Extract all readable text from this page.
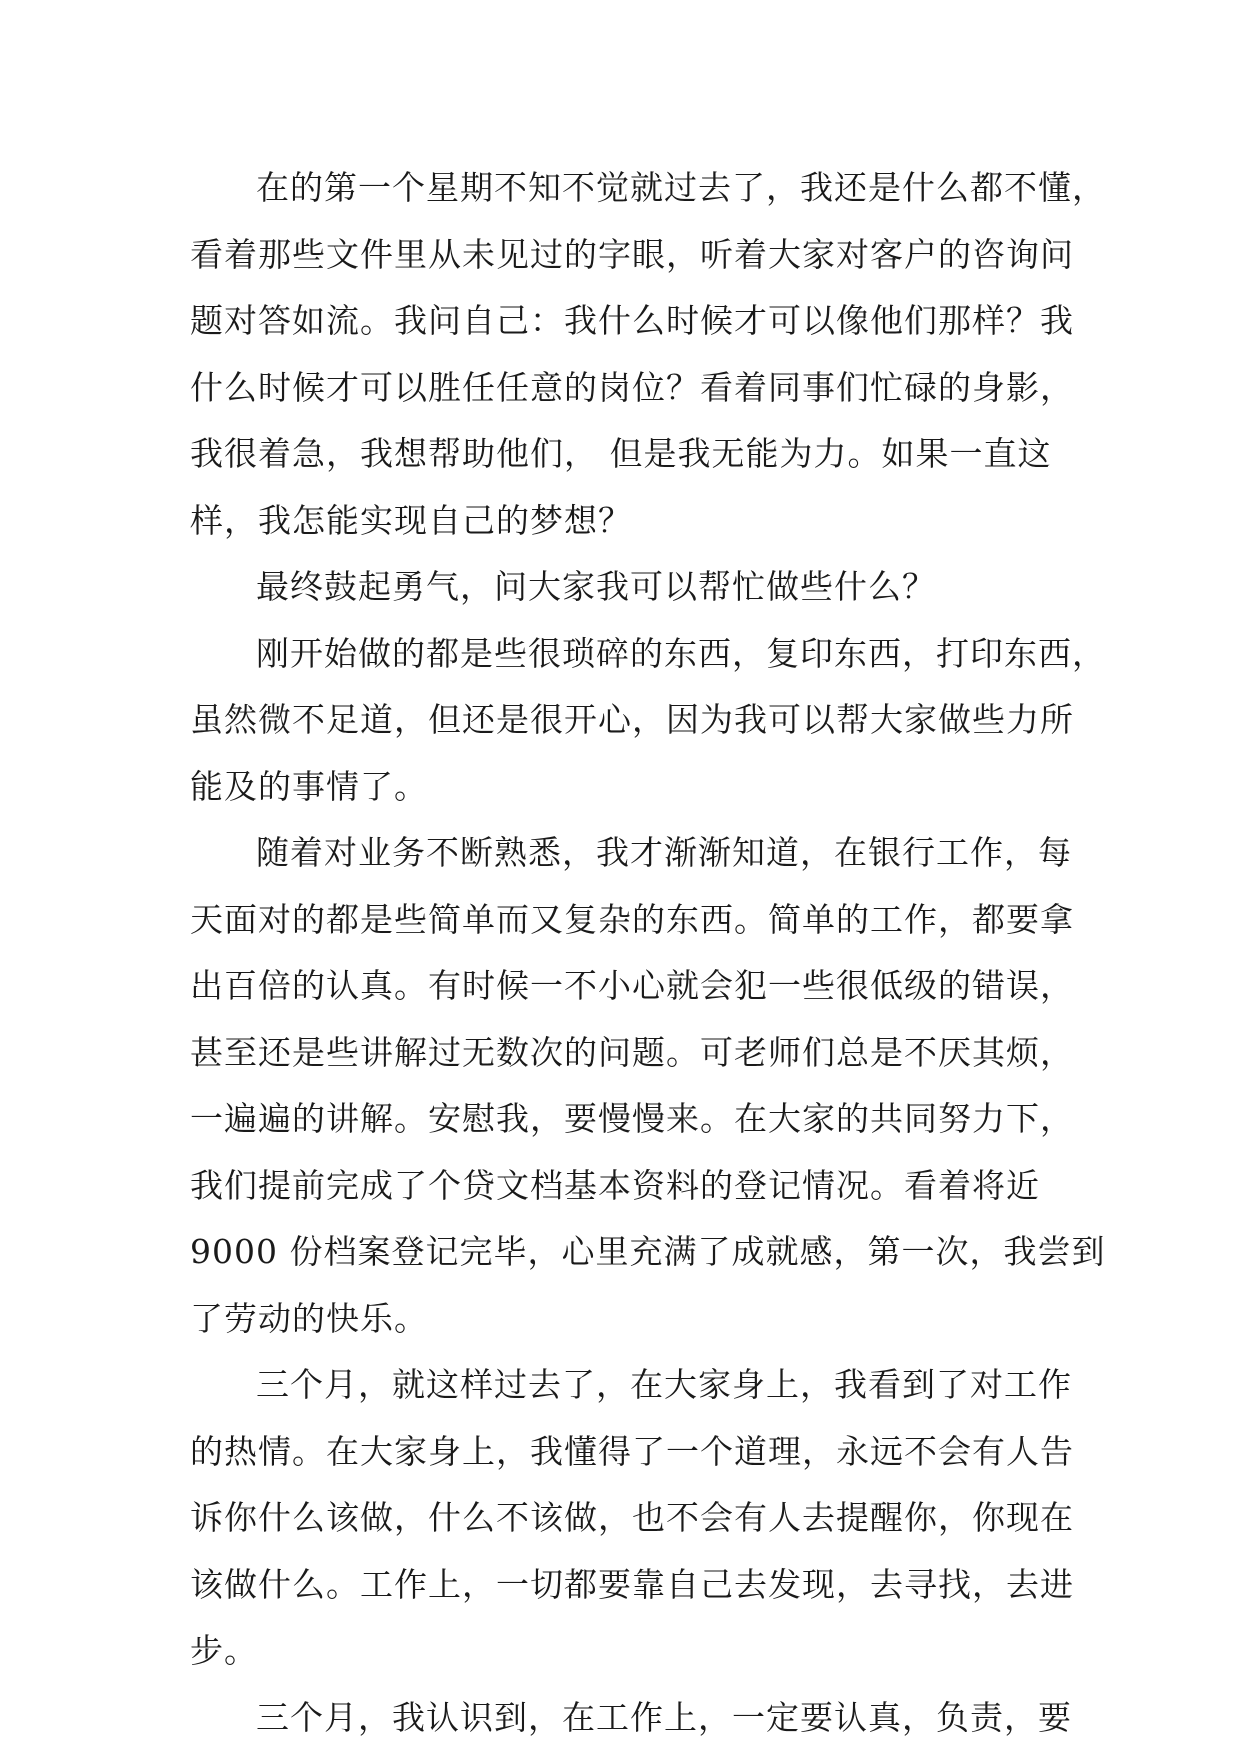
在的第一个星期不知不觉就过去了，我还是什么都不懂，
看着那些文件里从未见过的字眼，听着大家对客户的咨询问
题对答如流。我问自己：我什么时候才可以像他们那样？我
什么时候才可以胜任任意的岗位？看着同事们忙碌的身影，
我很着急，我想帮助他们， 但是我无能为力。如果一直这
样，我怎能实现自己的梦想？
最终鼓起勇气，问大家我可以帮忙做些什么？
刚开始做的都是些很琐碎的东西，复印东西，打印东西，
虽然微不足道，但还是很开心，因为我可以帮大家做些力所
能及的事情了。
随着对业务不断熟悉，我才渐渐知道，在银行工作，每
天面对的都是些简单而又复杂的东西。简单的工作，都要拿
出百倍的认真。有时候一不小心就会犯一些很低级的错误，
甚至还是些讲解过无数次的问题。可老师们总是不厌其烦，
一遍遍的讲解。安慰我，要慢慢来。在大家的共同努力下，
我们提前完成了个贷文档基本资料的登记情况。看着将近
9000 份档案登记完毕，心里充满了成就感，第一次，我尝到
了劳动的快乐。
三个月，就这样过去了，在大家身上，我看到了对工作
的热情。在大家身上，我懂得了一个道理，永远不会有人告
诉你什么该做，什么不该做，也不会有人去提醒你，你现在
该做什么。工作上，一切都要靠自己去发现，去寻找，去进
步。
三个月，我认识到，在工作上，一定要认真，负责，要
